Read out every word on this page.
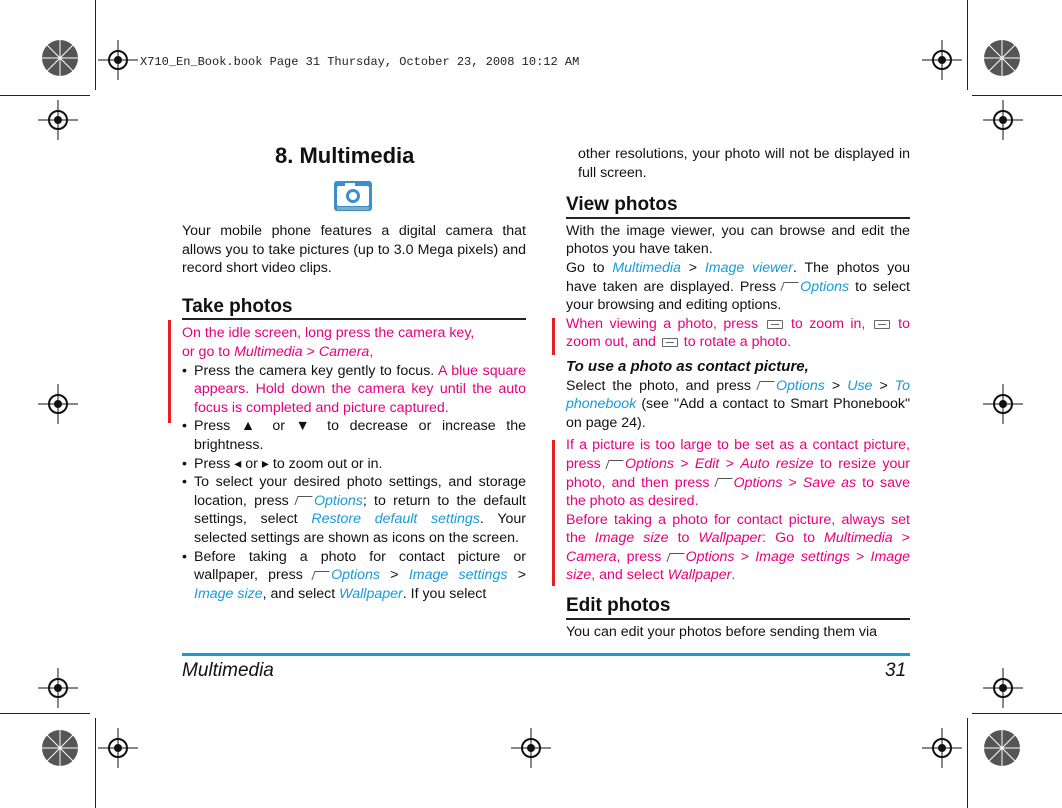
X710_En_Book.book Page 31 Thursday, October 23, 2008 10:12 AM
8. Multimedia

Your mobile phone features a digital camera that allows you to take pictures (up to 3.0 Mega pixels) and record short video clips.

Take photos
On the idle screen, long press the camera key,
or go to Multimedia > Camera,
• Press the camera key gently to focus. A blue square appears. Hold down the camera key until the auto focus is completed and picture captured.
• Press ▲ or ▼ to decrease or increase the brightness.
• Press ◂ or ▸ to zoom out or in.
• To select your desired photo settings, and storage location, press Options; to return to the default settings, select Restore default settings. Your selected settings are shown as icons on the screen.
• Before taking a photo for contact picture or wallpaper, press Options > Image settings > Image size, and select Wallpaper. If you select

other resolutions, your photo will not be displayed in full screen.

View photos

With the image viewer, you can browse and edit the photos you have taken.

Go to Multimedia > Image viewer. The photos you have taken are displayed. Press Options to select your browsing and editing options.

When viewing a photo, press  to zoom in,  to zoom out, and  to rotate a photo.

To use a photo as contact picture,

Select the photo, and press Options > Use > To phonebook (see "Add a contact to Smart Phonebook" on page 24).

If a picture is too large to be set as a contact picture, press Options > Edit > Auto resize to resize your photo, and then press Options > Save as to save the photo as desired.

Before taking a photo for contact picture, always set the Image size to Wallpaper: Go to Multimedia > Camera, press Options > Image settings > Image size, and select Wallpaper.

Edit photos

You can edit your photos before sending them via

Multimedia	31
